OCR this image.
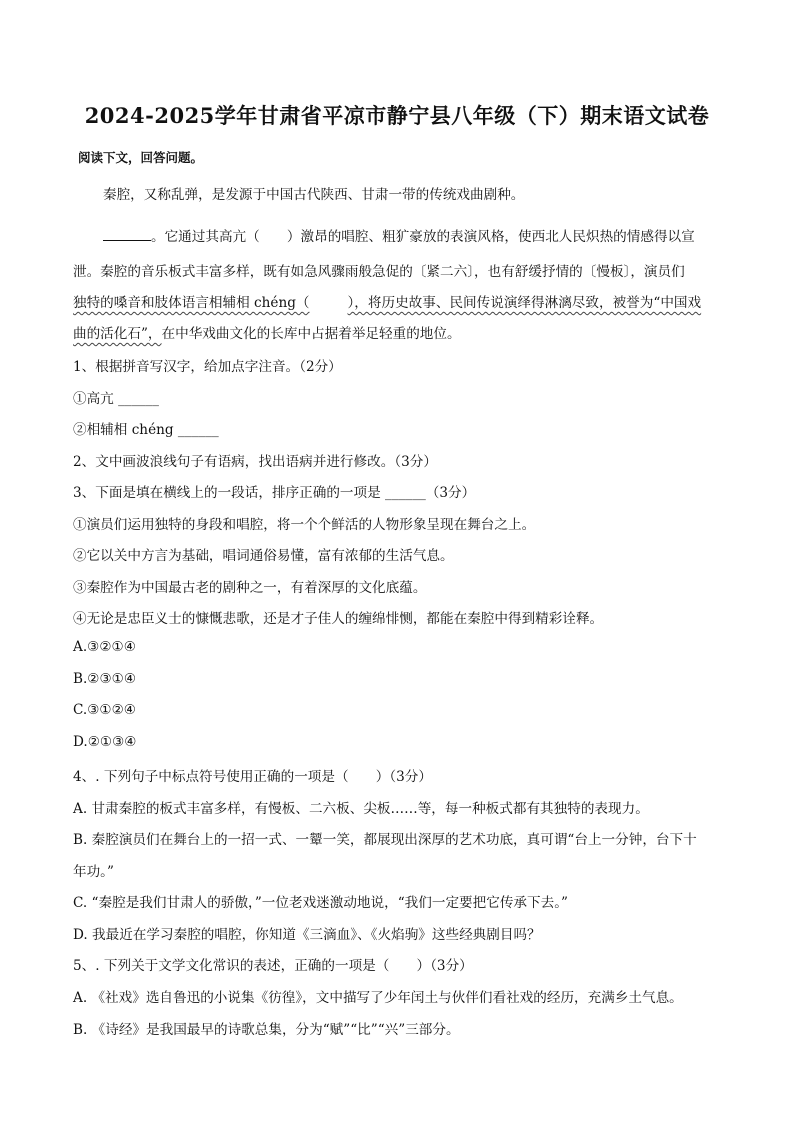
2024-2025学年甘肃省平凉市静宁县八年级（下）期末语文试卷
阅读下文，回答问题。
秦腔，又称乱弹，是发源于中国古代陕西、甘肃一带的传统戏曲剧种。
。它通过其高亢（　　）激昂的唱腔、粗犷豪放的表演风格，使西北人民炽热的情感得以宣
泄。秦腔的音乐板式丰富多样，既有如急风骤雨般急促的〔紧二六〕，也有舒缓抒情的〔慢板〕，演员们
独特的嗓音和肢体语言相辅相 chéng（	），将历史故事、民间传说演绎得淋漓尽致，被誉为“中国戏
曲的活化石”，在中华戏曲文化的长库中占据着举足轻重的地位。
1、根据拼音写汉字，给加点字注音。（2分）
①高亢 ______
②相辅相 chéng ______
2、文中画波浪线句子有语病，找出语病并进行修改。（3分）
3、下面是填在横线上的一段话，排序正确的一项是 ______（3分）
①演员们运用独特的身段和唱腔，将一个个鲜活的人物形象呈现在舞台之上。
②它以关中方言为基础，唱词通俗易懂，富有浓郁的生活气息。
③秦腔作为中国最古老的剧种之一，有着深厚的文化底蕴。
④无论是忠臣义士的慷慨悲歌，还是才子佳人的缠绵悱恻，都能在秦腔中得到精彩诠释。
A.③②①④
B.②③①④
C.③①②④
D.②①③④
4、. 下列句子中标点符号使用正确的一项是（　　）（3分）
A. 甘肃秦腔的板式丰富多样，有慢板、二六板、尖板……等，每一种板式都有其独特的表现力。
B. 秦腔演员们在舞台上的一招一式、一颦一笑，都展现出深厚的艺术功底，真可谓“台上一分钟，台下十
年功。”
C. “秦腔是我们甘肃人的骄傲，”一位老戏迷激动地说，“我们一定要把它传承下去。”
D. 我最近在学习秦腔的唱腔，你知道《三滴血》、《火焰驹》这些经典剧目吗？
5、. 下列关于文学文化常识的表述，正确的一项是（　　）（3分）
A. 《社戏》选自鲁迅的小说集《彷徨》，文中描写了少年闰土与伙伴们看社戏的经历，充满乡土气息。
B. 《诗经》是我国最早的诗歌总集，分为“赋”“比”“兴”三部分。
